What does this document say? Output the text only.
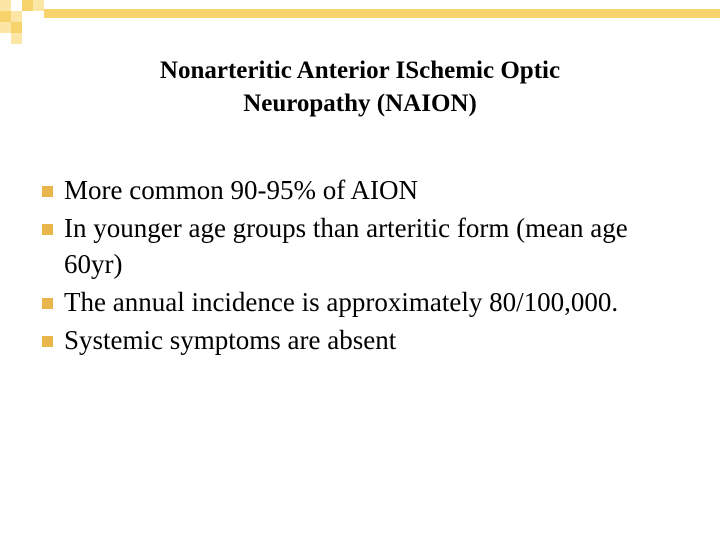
Nonarteritic Anterior ISchemic Optic
Neuropathy (NAION)
More common 90-95% of AION
In younger age groups than arteritic form (mean age 60yr)
The annual incidence is approximately 80/100,000.
Systemic symptoms are absent
